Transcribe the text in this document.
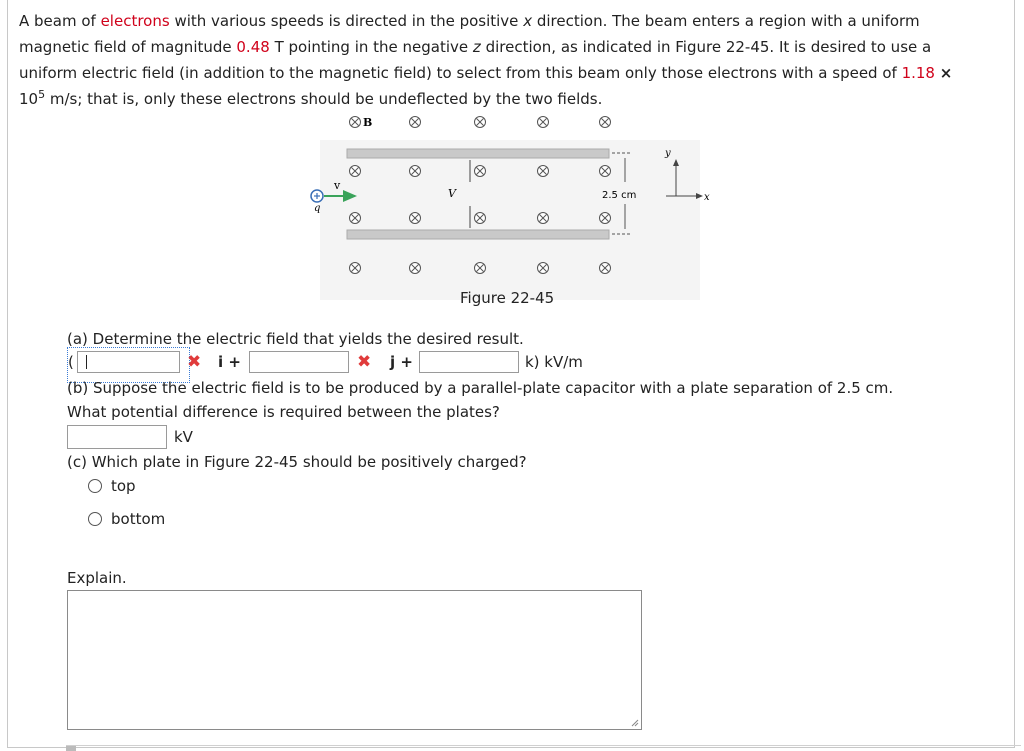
A beam of electrons with various speeds is directed in the positive x direction. The beam enters a region with a uniform
magnetic field of magnitude 0.48 T pointing in the negative z direction, as indicated in Figure 22-45. It is desired to use a
uniform electric field (in addition to the magnetic field) to select from this beam only those electrons with a speed of 1.18 ×
$10^5$ m/s; that is, only these electrons should be undeflected by the two fields.
B
V
v
q
2.5 cm
y
x
Figure 22-45
(a) Determine the electric field that yields the desired result.
(	✖ i +	✖ j +	k) kV/m
(b) Suppose the electric field is to be produced by a parallel-plate capacitor with a plate separation of 2.5 cm.
What potential difference is required between the plates?
kV
(c) Which plate in Figure 22-45 should be positively charged?
top
bottom
Explain.
